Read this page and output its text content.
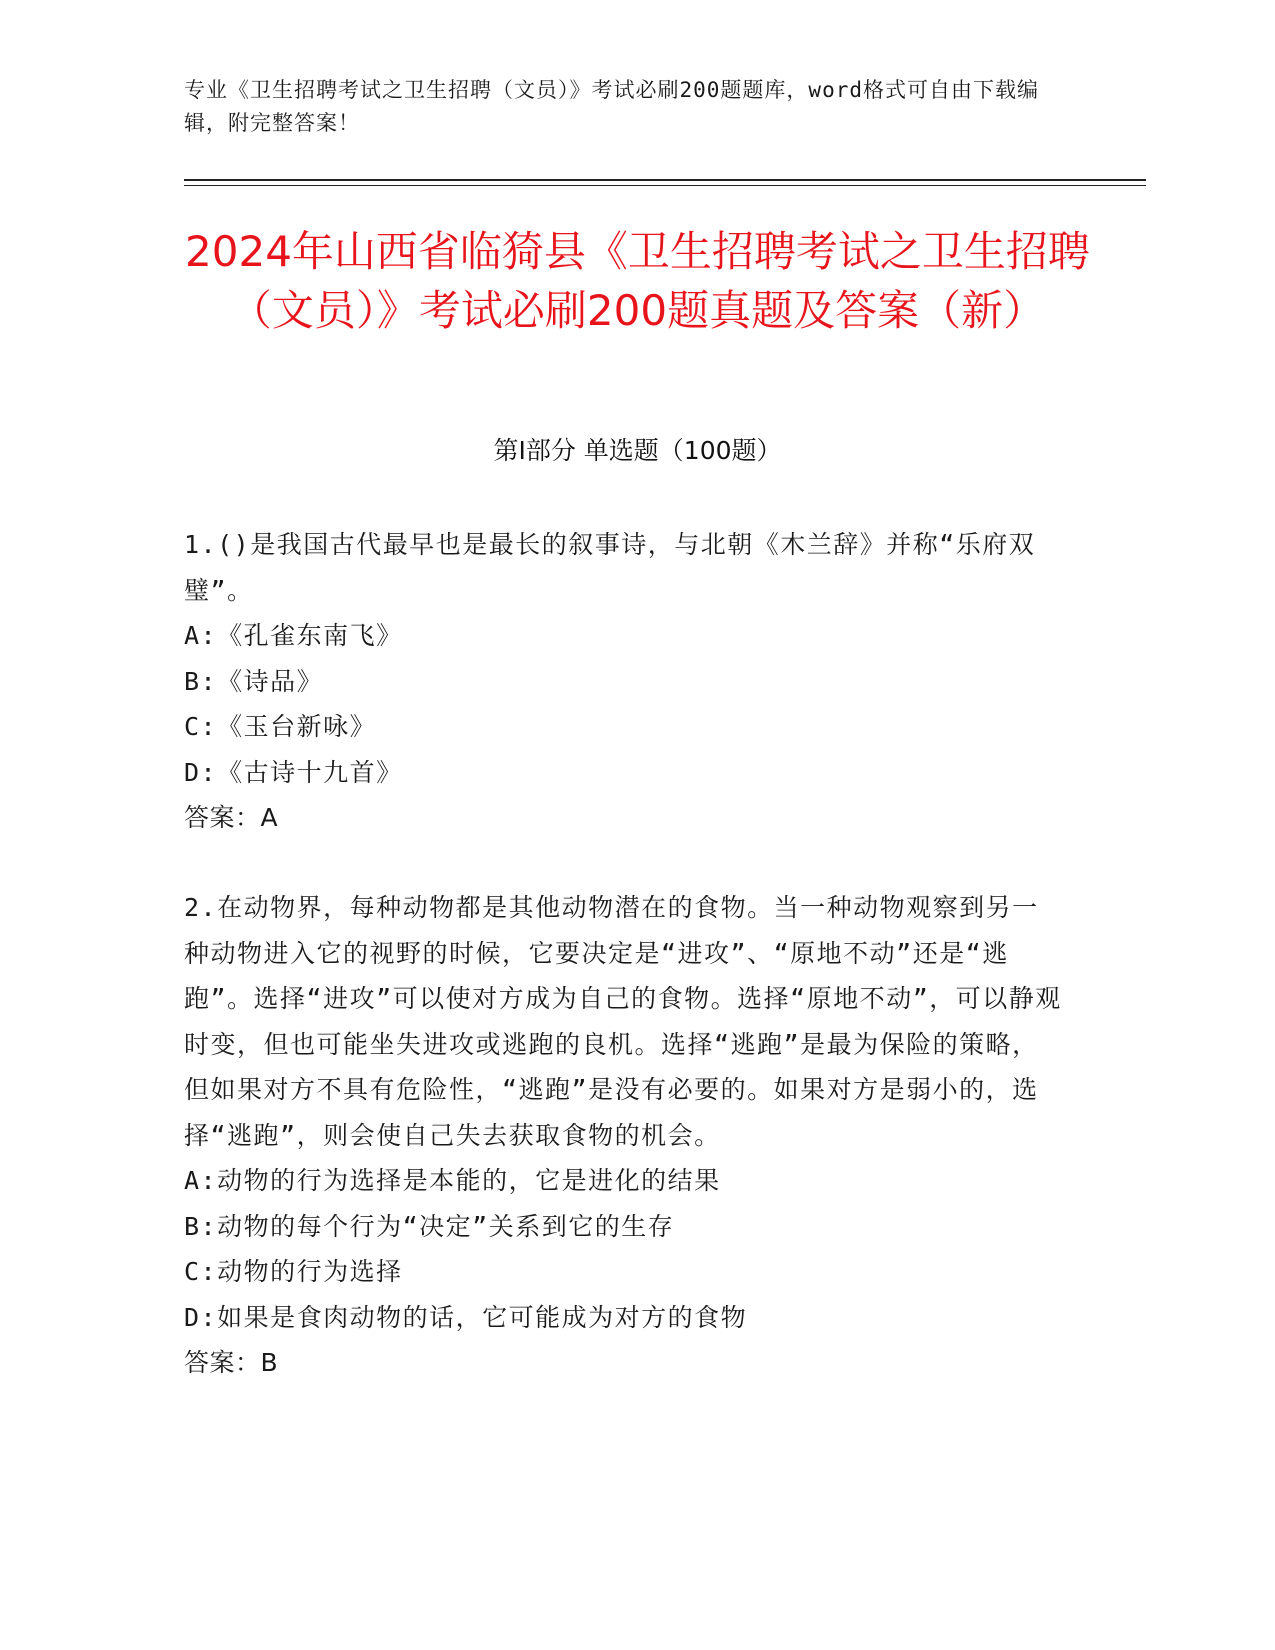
专业《卫生招聘考试之卫生招聘（文员）》考试必刷200题题库，word格式可自由下载编辑，附完整答案！
2024年山西省临猗县《卫生招聘考试之卫生招聘（文员）》考试必刷200题真题及答案（新）
第I部分 单选题（100题）

1.()是我国古代最早也是最长的叙事诗，与北朝《木兰辞》并称“乐府双璧”。

A:《孔雀东南飞》

B:《诗品》

C:《玉台新咏》

D:《古诗十九首》

答案：A

2.在动物界，每种动物都是其他动物潜在的食物。当一种动物观察到另一种动物进入它的视野的时候，它要决定是“进攻”、“原地不动”还是“逃跑”。选择“进攻”可以使对方成为自己的食物。选择“原地不动”，可以静观时变，但也可能坐失进攻或逃跑的良机。选择“逃跑”是最为保险的策略，但如果对方不具有危险性，“逃跑”是没有必要的。如果对方是弱小的，选择“逃跑”，则会使自己失去获取食物的机会。

A:动物的行为选择是本能的，它是进化的结果

B:动物的每个行为“决定”关系到它的生存

C:动物的行为选择

D:如果是食肉动物的话，它可能成为对方的食物

答案：B
